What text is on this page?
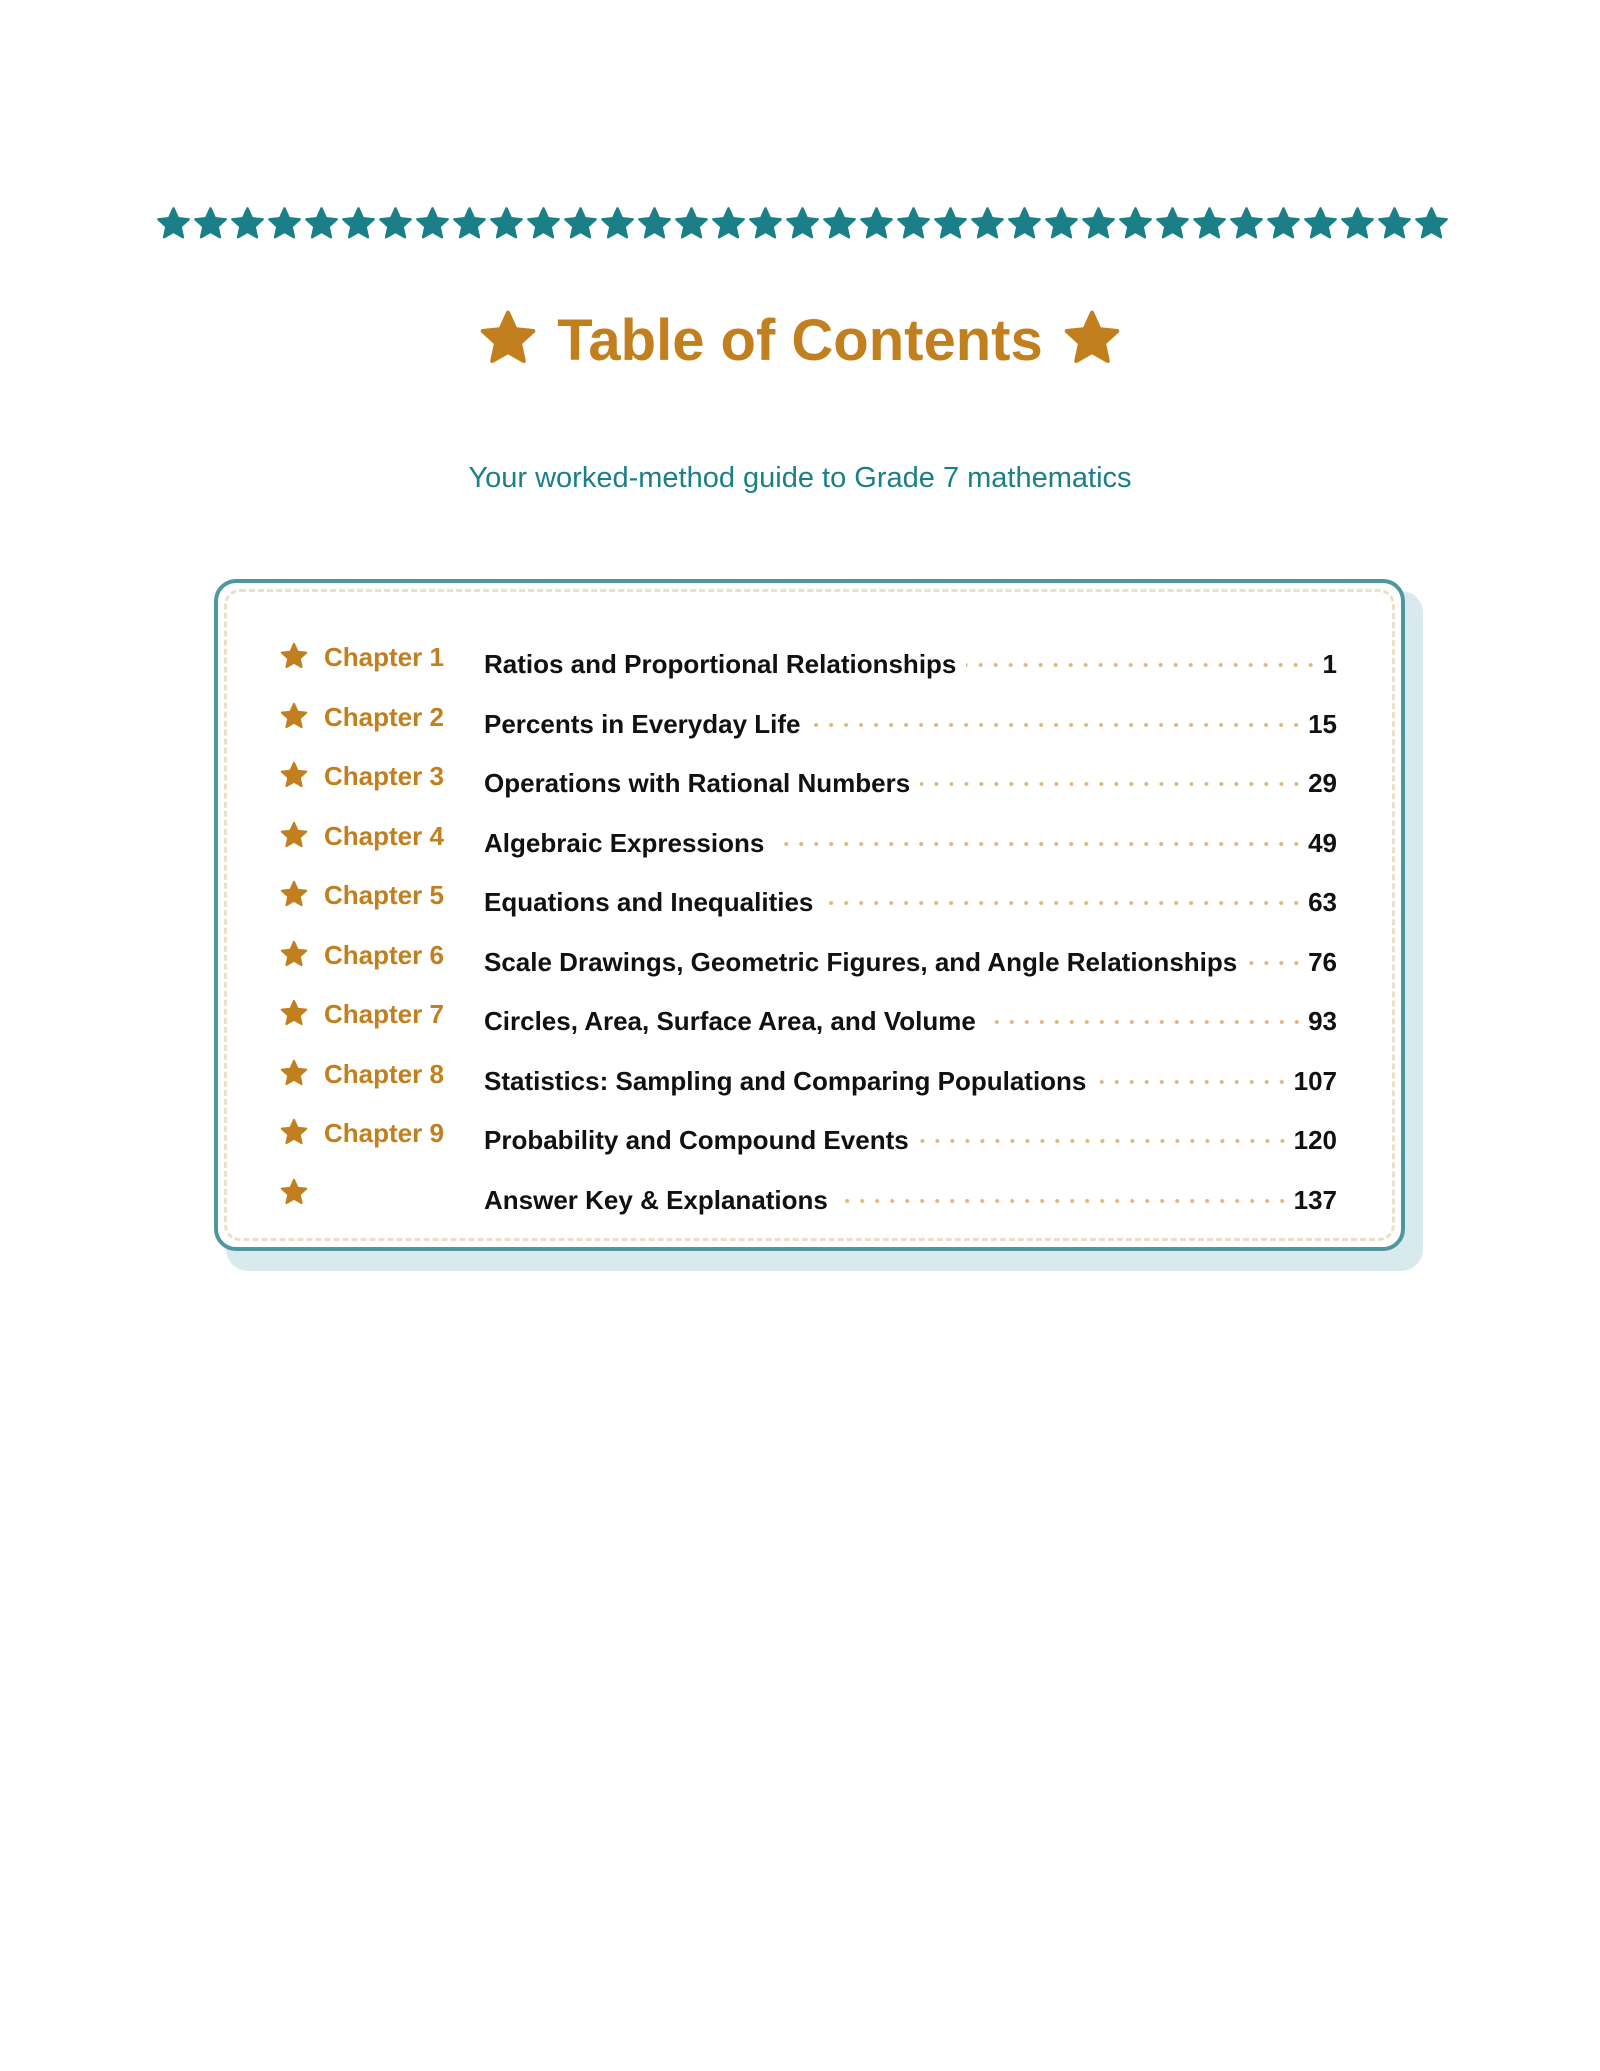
Table of Contents
Your worked-method guide to Grade 7 mathematics
Chapter 1 Ratios and Proportional Relationships	1
Chapter 2 Percents in Everyday Life	15
Chapter 3 Operations with Rational Numbers	29
Chapter 4 Algebraic Expressions	49
Chapter 5 Equations and Inequalities	63
Chapter 6 Scale Drawings, Geometric Figures, and Angle Relationships	76
Chapter 7 Circles, Area, Surface Area, and Volume	93
Chapter 8 Statistics: Sampling and Comparing Populations	107
Chapter 9 Probability and Compound Events	120
Answer Key & Explanations	137
